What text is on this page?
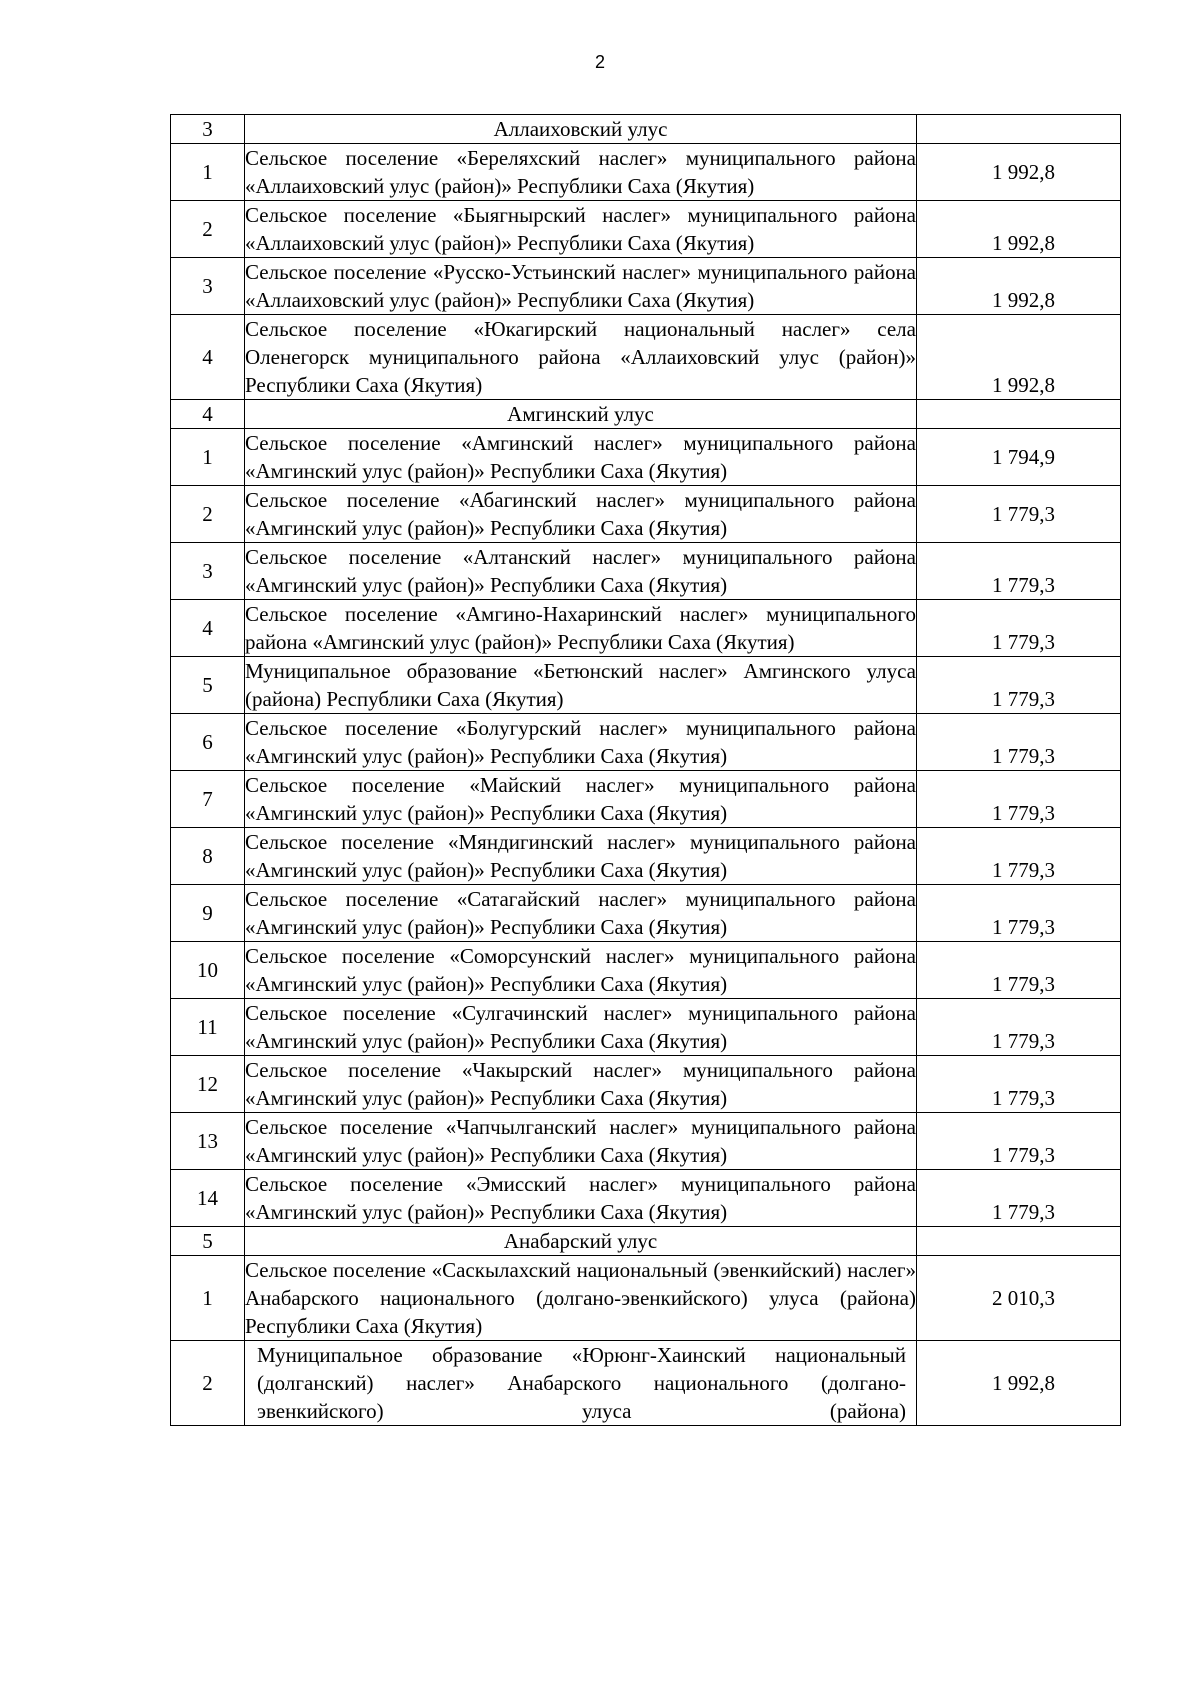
2
3	Аллаиховский улус	
1	Сельское поселение «Береляхский наслег» муниципального района «Аллаиховский улус (район)» Республики Саха (Якутия)	1 992,8
2	Сельское поселение «Быягнырский наслег» муниципального района «Аллаиховский улус (район)» Республики Саха (Якутия)	1 992,8
3	Сельское поселение «Русско-Устьинский наслег» муниципального района «Аллаиховский улус (район)» Республики Саха (Якутия)	1 992,8
4	Сельское поселение «Юкагирский национальный наслег» села Оленегорск муниципального района «Аллаиховский улус (район)» Республики Саха (Якутия)	1 992,8
4	Амгинский улус	
1	Сельское поселение «Амгинский наслег» муниципального района «Амгинский улус (район)» Республики Саха (Якутия)	1 794,9
2	Сельское поселение «Абагинский наслег» муниципального района «Амгинский улус (район)» Республики Саха (Якутия)	1 779,3
3	Сельское поселение «Алтанский наслег» муниципального района «Амгинский улус (район)» Республики Саха (Якутия)	1 779,3
4	Сельское поселение «Амгино-Нахаринский наслег» муниципального района «Амгинский улус (район)» Республики Саха (Якутия)	1 779,3
5	Муниципальное образование «Бетюнский наслег» Амгинского улуса (района) Республики Саха (Якутия)	1 779,3
6	Сельское поселение «Болугурский наслег» муниципального района «Амгинский улус (район)» Республики Саха (Якутия)	1 779,3
7	Сельское поселение «Майский наслег» муниципального района «Амгинский улус (район)» Республики Саха (Якутия)	1 779,3
8	Сельское поселение «Мяндигинский наслег» муниципального района «Амгинский улус (район)» Республики Саха (Якутия)	1 779,3
9	Сельское поселение «Сатагайский наслег» муниципального района «Амгинский улус (район)» Республики Саха (Якутия)	1 779,3
10	Сельское поселение «Соморсунский наслег» муниципального района «Амгинский улус (район)» Республики Саха (Якутия)	1 779,3
11	Сельское поселение «Сулгачинский наслег» муниципального района «Амгинский улус (район)» Республики Саха (Якутия)	1 779,3
12	Сельское поселение «Чакырский наслег» муниципального района «Амгинский улус (район)» Республики Саха (Якутия)	1 779,3
13	Сельское поселение «Чапчылганский наслег» муниципального района «Амгинский улус (район)» Республики Саха (Якутия)	1 779,3
14	Сельское поселение «Эмисский наслег» муниципального района «Амгинский улус (район)» Республики Саха (Якутия)	1 779,3
5	Анабарский улус	
1	Сельское поселение «Саскылахский национальный (эвенкийский) наслег» Анабарского национального (долгано-эвенкийского) улуса (района) Республики Саха (Якутия)	2 010,3
2	Муниципальное образование «Юрюнг-Хаинский национальный (долганский) наслег» Анабарского национального (долгано-эвенкийского) улуса (района)	1 992,8
